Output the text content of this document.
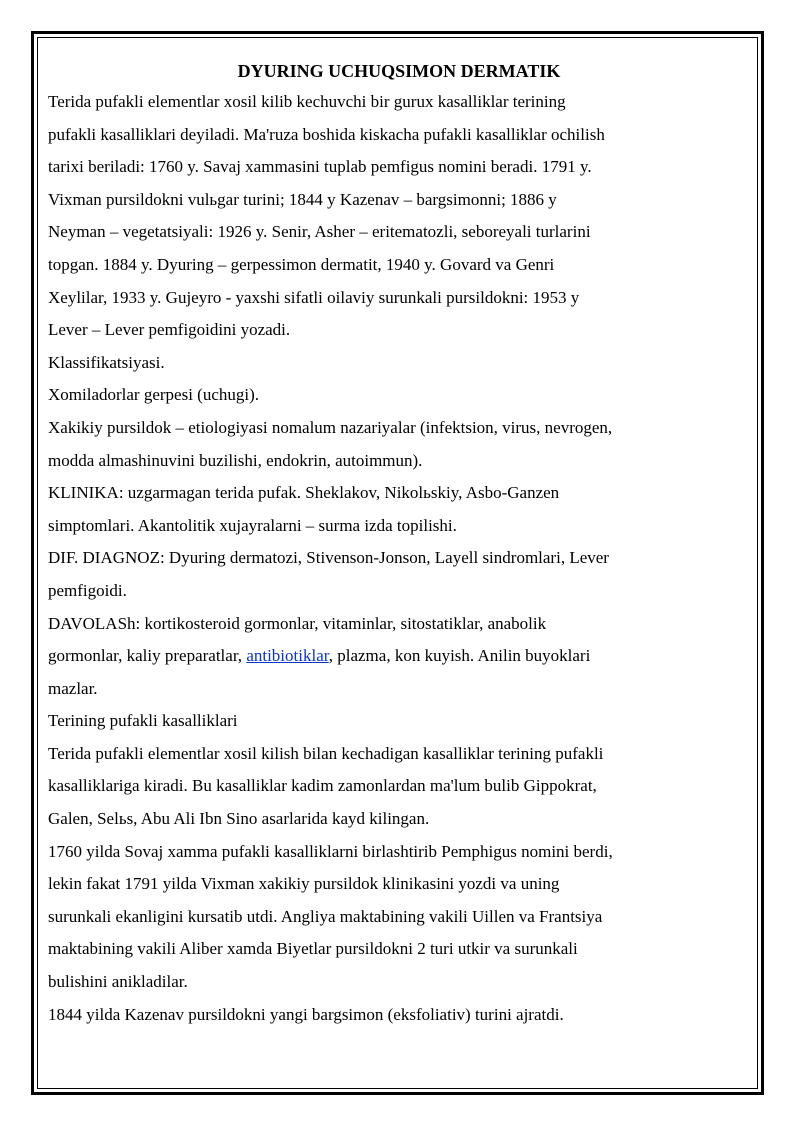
DYURING UCHUQSIMON DERMATIK

Terida pufakli elementlar xosil kilib kechuvchi bir gurux kasalliklar terining
pufakli kasalliklari deyiladi. Ma'ruza boshida kiskacha pufakli kasalliklar ochilish
tarixi beriladi: 1760 y. Savaj xammasini tuplab pemfigus nomini beradi. 1791 y.
Vixman pursildokni vulьgar turini; 1844 y Kazenav – bargsimonni; 1886 y
Neyman – vegetatsiyali: 1926 y. Senir, Asher – eritematozli, seboreyali turlarini
topgan. 1884 y. Dyuring – gerpessimon dermatit, 1940 y. Govard va Genri
Xeylilar, 1933 y. Gujeyro - yaxshi sifatli oilaviy surunkali pursildokni: 1953 y
Lever – Lever pemfigoidini yozadi.

Klassifikatsiyasi.

Xomiladorlar gerpesi (uchugi).

Xakikiy pursildok – etiologiyasi nomalum nazariyalar (infektsion, virus, nevrogen,
modda almashinuvini buzilishi, endokrin, autoimmun).

KLINIKA: uzgarmagan terida pufak. Sheklakov, Nikolьskiy, Asbo-Ganzen
simptomlari. Akantolitik xujayralarni – surma izda topilishi.

DIF. DIAGNOZ: Dyuring dermatozi, Stivenson-Jonson, Layell sindromlari, Lever
pemfigoidi.

DAVOLASh: kortikosteroid gormonlar, vitaminlar, sitostatiklar, anabolik
gormonlar, kaliy preparatlar, antibiotiklar, plazma, kon kuyish. Anilin buyoklari
mazlar.

Terining pufakli kasalliklari

Terida pufakli elementlar xosil kilish bilan kechadigan kasalliklar terining pufakli
kasalliklariga kiradi. Bu kasalliklar kadim zamonlardan ma'lum bulib Gippokrat,
Galen, Selьs, Abu Ali Ibn Sino asarlarida kayd kilingan.

1760 yilda Sovaj xamma pufakli kasalliklarni birlashtirib Pemphigus nomini berdi,
lekin fakat 1791 yilda Vixman xakikiy pursildok klinikasini yozdi va uning
surunkali ekanligini kursatib utdi. Angliya maktabining vakili Uillen va Frantsiya
maktabining vakili Aliber xamda Biyetlar pursildokni 2 turi utkir va surunkali
bulishini anikladilar.

1844 yilda Kazenav pursildokni yangi bargsimon (eksfoliativ) turini ajratdi.
